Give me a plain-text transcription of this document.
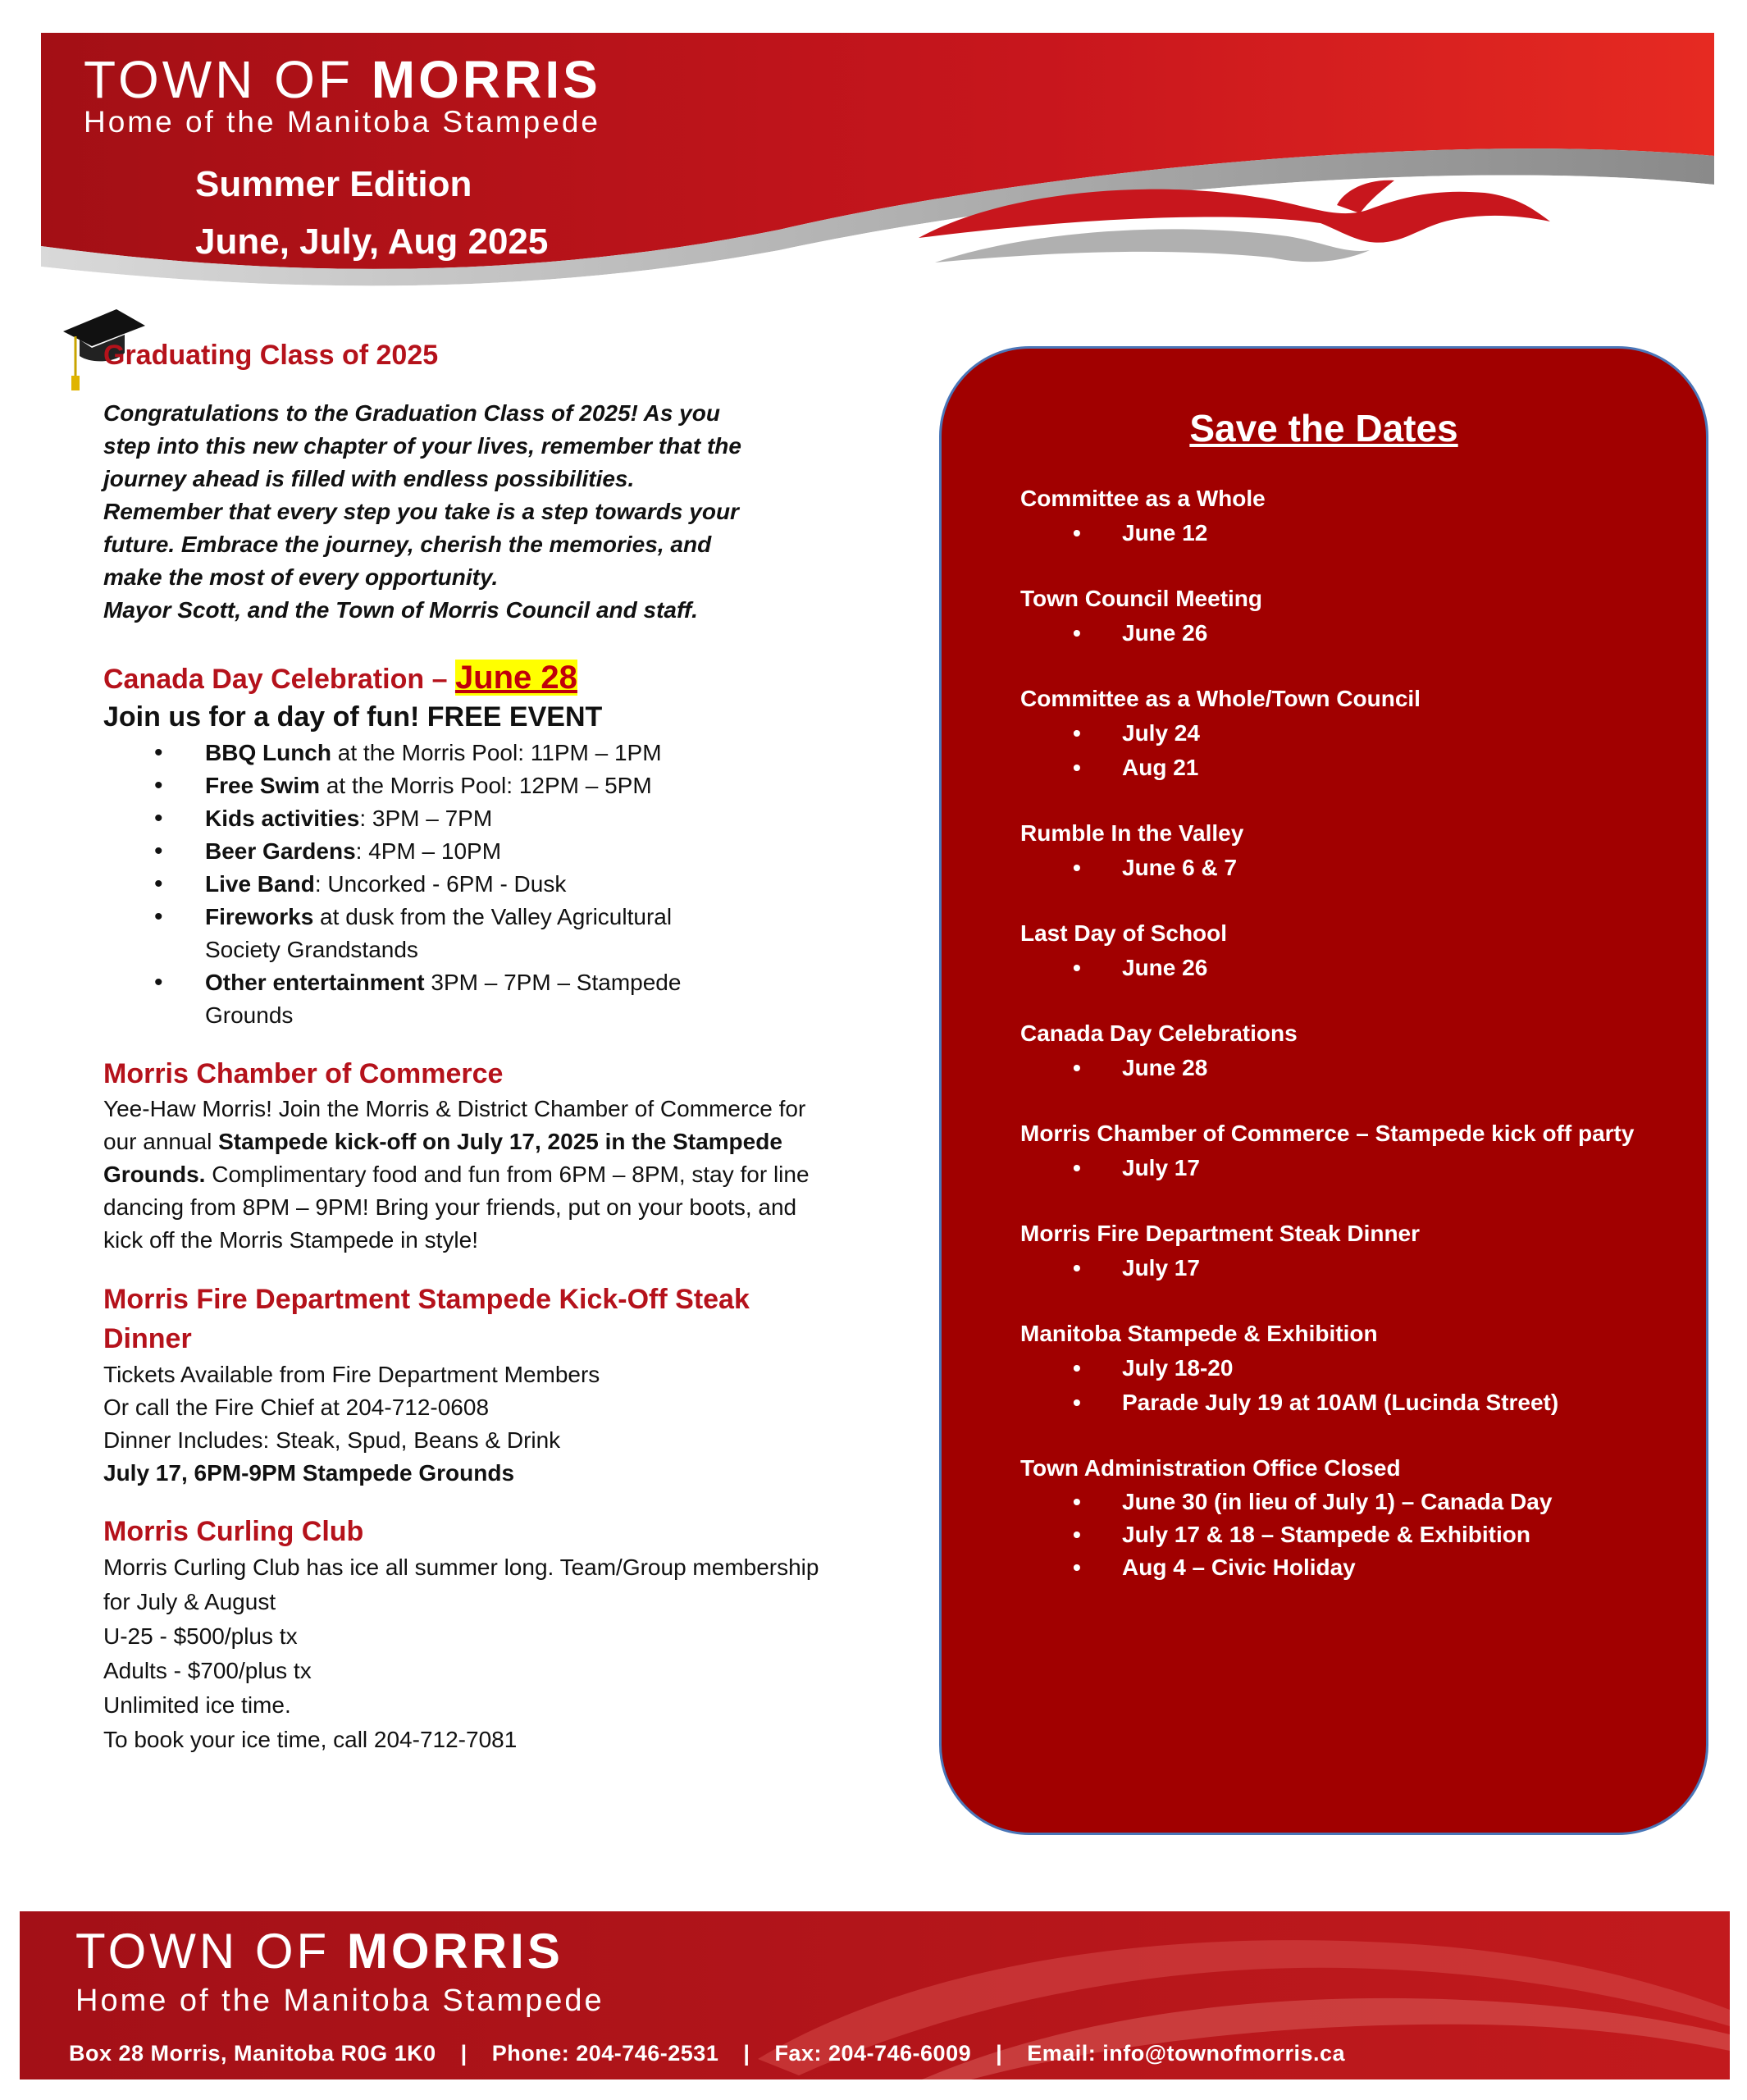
TOWN OF MORRIS
Home of the Manitoba Stampede
Summer Edition
June, July, Aug 2025
Graduating Class of 2025

Congratulations to the Graduation Class of 2025! As you

step into this new chapter of your lives, remember that the

journey ahead is filled with endless possibilities.

Remember that every step you take is a step towards your

future. Embrace the journey, cherish the memories, and

make the most of every opportunity.

Mayor Scott, and the Town of Morris Council and staff.

Canada Day Celebration – June 28
Join us for a day of fun! FREE EVENT
• BBQ Lunch at the Morris Pool: 11PM – 1PM
• Free Swim at the Morris Pool: 12PM – 5PM
• Kids activities: 3PM – 7PM
• Beer Gardens: 4PM – 10PM
• Live Band: Uncorked - 6PM - Dusk
• Fireworks at dusk from the Valley Agricultural Society Grandstands
• Other entertainment 3PM – 7PM – Stampede Grounds
Morris Chamber of Commerce

Yee-Haw Morris! Join the Morris & District Chamber of Commerce for our annual Stampede kick-off on July 17, 2025 in the Stampede Grounds. Complimentary food and fun from 6PM – 8PM, stay for line dancing from 8PM – 9PM! Bring your friends, put on your boots, and kick off the Morris Stampede in style!

Morris Fire Department Stampede Kick-Off Steak Dinner

Tickets Available from Fire Department Members

Or call the Fire Chief at 204-712-0608

Dinner Includes: Steak, Spud, Beans & Drink

July 17, 6PM-9PM Stampede Grounds

Morris Curling Club

Morris Curling Club has ice all summer long. Team/Group membership for July & August

U-25 - $500/plus tx

Adults - $700/plus tx

Unlimited ice time.

To book your ice time, call 204-712-7081

Save the Dates
Committee as a Whole
• June 12
Town Council Meeting
• June 26
Committee as a Whole/Town Council
• July 24
• Aug 21
Rumble In the Valley
• June 6 & 7
Last Day of School
• June 26
Canada Day Celebrations
• June 28
Morris Chamber of Commerce – Stampede kick off party
• July 17
Morris Fire Department Steak Dinner
• July 17
Manitoba Stampede & Exhibition
• July 18-20
• Parade July 19 at 10AM (Lucinda Street)
Town Administration Office Closed
• June 30 (in lieu of July 1) – Canada Day
• July 17 & 18 – Stampede & Exhibition
• Aug 4 – Civic Holiday
TOWN OF MORRIS
Home of the Manitoba Stampede
Box 28 Morris, Manitoba R0G 1K0 | Phone: 204-746-2531 | Fax: 204-746-6009 | Email: info@townofmorris.ca
